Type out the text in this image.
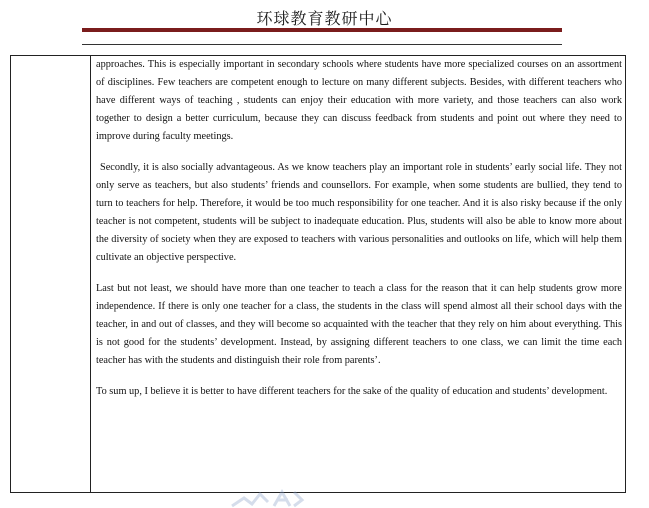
环球教育教研中心

approaches. This is especially important in secondary schools where students have more specialized courses on an assortment of disciplines. Few teachers are competent enough to lecture on many different subjects. Besides, with different teachers who have different ways of teaching , students can enjoy their education with more variety, and those teachers can also work together to design a better curriculum, because they can discuss feedback from students and point out where they need to improve during faculty meetings.

Secondly, it is also socially advantageous. As we know teachers play an important role in students’ early social life. They not only serve as teachers, but also students’ friends and counsellors. For example, when some students are bullied, they tend to turn to teachers for help. Therefore, it would be too much responsibility for one teacher. And it is also risky because if the only teacher is not competent, students will be subject to inadequate education. Plus, students will also be able to know more about the diversity of society when they are exposed to teachers with various personalities and outlooks on life, which will help them cultivate an objective perspective.

Last but not least, we should have more than one teacher to teach a class for the reason that it can help students grow more independence. If there is only one teacher for a class, the students in the class will spend almost all their school days with the teacher, in and out of classes, and they will become so acquainted with the teacher that they rely on him about everything. This is not good for the students’ development. Instead, by assigning different teachers to one class, we can limit the time each teacher has with the students and distinguish their role from parents’.

To sum up, I believe it is better to have different teachers for the sake of the quality of education and students’ development.
